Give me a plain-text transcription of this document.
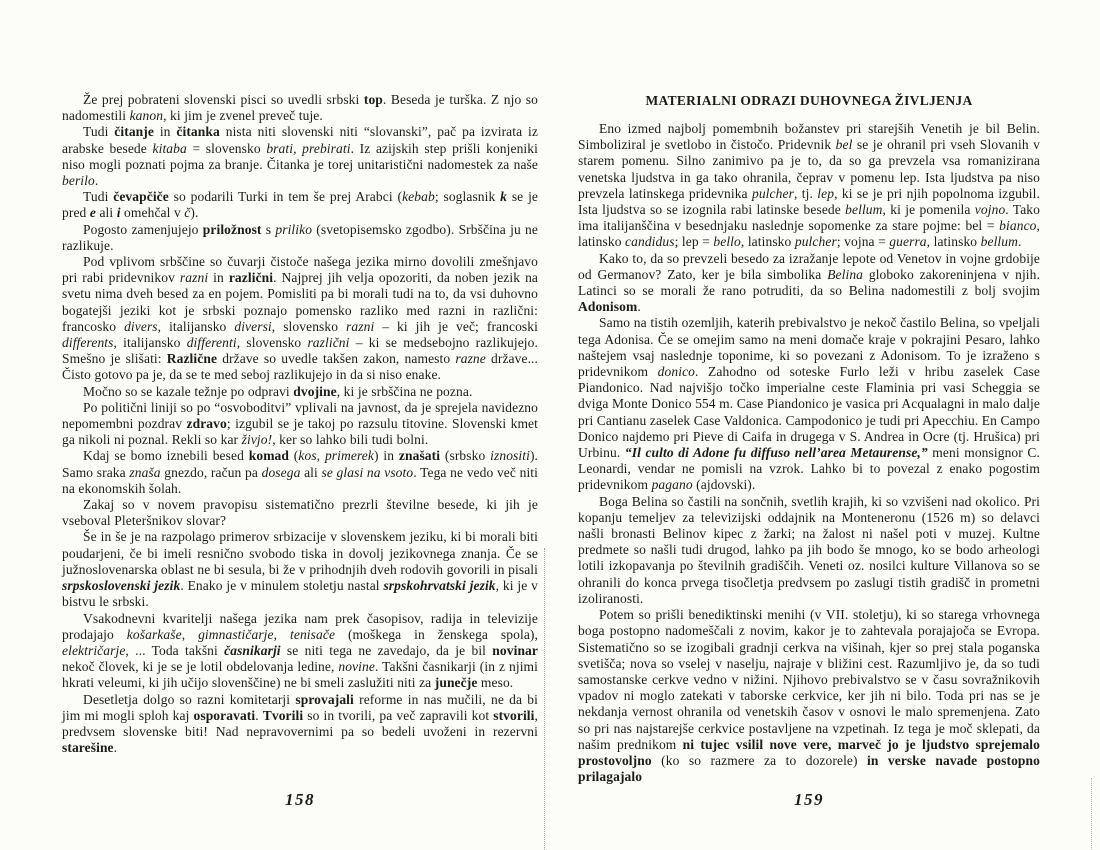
Že prej pobrateni slovenski pisci so uvedli srbski top. Beseda je turška. Z njo so nadomestili kanon, ki jim je zvenel preveč tuje.

Tudi čitanje in čitanka nista niti slovenski niti “slovanski”, pač pa izvirata iz arabske besede kitaba = slovensko brati, prebirati. Iz azijskih step prišli konjeniki niso mogli poznati pojma za branje. Čitanka je torej unitaristični nadomestek za naše berilo.

Tudi čevapčiče so podarili Turki in tem še prej Arabci (kebab; soglasnik k se je pred e ali i omehčal v č).

Pogosto zamenjujejo priložnost s priliko (svetopisemsko zgodbo). Srbščina ju ne razlikuje.

Pod vplivom srbščine so čuvarji čistoče našega jezika mirno dovolili zmešnjavo pri rabi pridevnikov razni in različni. Najprej jih velja opozoriti, da noben jezik na svetu nima dveh besed za en pojem. Pomisliti pa bi morali tudi na to, da vsi duhovno bogatejši jeziki kot je srbski poznajo pomensko razliko med razni in različni: francosko divers, italijansko diversi, slovensko razni – ki jih je več; francoski differents, italijansko differenti, slovensko različni – ki se medsebojno razlikujejo. Smešno je slišati: Različne države so uvedle takšen zakon, namesto razne države... Čisto gotovo pa je, da se te med seboj razlikujejo in da si niso enake.

Močno so se kazale težnje po odpravi dvojine, ki je srbščina ne pozna.

Po politični liniji so po “osvoboditvi” vplivali na javnost, da je sprejela navidezno nepomembni pozdrav zdravo; izgubil se je takoj po razsulu titovine. Slovenski kmet ga nikoli ni poznal. Rekli so kar živjo!, ker so lahko bili tudi bolni.

Kdaj se bomo iznebili besed komad (kos, primerek) in znašati (srbsko iznositi). Samo sraka znaša gnezdo, račun pa dosega ali se glasi na vsoto. Tega ne vedo več niti na ekonomskih šolah.

Zakaj so v novem pravopisu sistematično prezrli številne besede, ki jih je vseboval Pleteršnikov slovar?

Še in še je na razpolago primerov srbizacije v slovenskem jeziku, ki bi morali biti poudarjeni, če bi imeli resnično svobodo tiska in dovolj jezikovnega znanja. Če se južnoslovenarska oblast ne bi sesula, bi že v prihodnjih dveh rodovih govorili in pisali srpskoslovenski jezik. Enako je v minulem stoletju nastal srpskohrvatski jezik, ki je v bistvu le srbski.

Vsakodnevni kvaritelji našega jezika nam prek časopisov, radija in televizije prodajajo košarkaše, gimnastičarje, tenisače (moškega in ženskega spola), električarje, ... Toda takšni časnikarji se niti tega ne zavedajo, da je bil novinar nekoč človek, ki je se je lotil obdelovanja ledine, novine. Takšni časnikarji (in z njimi hkrati veleumi, ki jih učijo slovenščine) ne bi smeli zaslužiti niti za junečje meso.

Desetletja dolgo so razni komitetarji sprovajali reforme in nas mučili, ne da bi jim mi mogli sploh kaj osporavati. Tvorili so in tvorili, pa več zapravili kot stvorili, predvsem slovenske biti! Nad nepravovernimi pa so bedeli uvoženi in rezervni starešine.

158
MATERIALNI ODRAZI DUHOVNEGA ŽIVLJENJA

Eno izmed najbolj pomembnih božanstev pri starejših Venetih je bil Belin. Simboliziral je svetlobo in čistočo. Pridevnik bel se je ohranil pri vseh Slovanih v starem pomenu. Silno zanimivo pa je to, da so ga prevzela vsa romanizirana venetska ljudstva in ga tako ohranila, čeprav v pomenu lep. Ista ljudstva pa niso prevzela latinskega pridevnika pulcher, tj. lep, ki se je pri njih popolnoma izgubil. Ista ljudstva so se izognila rabi latinske besede bellum, ki je pomenila vojno. Tako ima italijanščina v besednjaku naslednje sopomenke za stare pojme: bel = bianco, latinsko candidus; lep = bello, latinsko pulcher; vojna = guerra, latinsko bellum.

Kako to, da so prevzeli besedo za izražanje lepote od Venetov in vojne grdobije od Germanov? Zato, ker je bila simbolika Belina globoko zakoreninjena v njih. Latinci so se morali že rano potruditi, da so Belina nadomestili z bolj svojim Adonisom.

Samo na tistih ozemljih, katerih prebivalstvo je nekoč častilo Belina, so vpeljali tega Adonisa. Če se omejim samo na meni domače kraje v pokrajini Pesaro, lahko naštejem vsaj naslednje toponime, ki so povezani z Adonisom. To je izraženo s pridevnikom donico. Zahodno od soteske Furlo leži v hribu zaselek Case Piandonico. Nad najvišjo točko imperialne ceste Flaminia pri vasi Scheggia se dviga Monte Donico 554 m. Case Piandonico je vasica pri Acqualagni in malo dalje pri Cantianu zaselek Case Valdonica. Campodonico je tudi pri Apecchiu. En Campo Donico najdemo pri Pieve di Caifa in drugega v S. Andrea in Ocre (tj. Hrušica) pri Urbinu. “Il culto di Adone fu diffuso nell’area Metaurense,” meni monsignor C. Leonardi, vendar ne pomisli na vzrok. Lahko bi to povezal z enako pogostim pridevnikom pagano (ajdovski).

Boga Belina so častili na sončnih, svetlih krajih, ki so vzvišeni nad okolico. Pri kopanju temeljev za televizijski oddajnik na Monteneronu (1526 m) so delavci našli bronasti Belinov kipec z žarki; na žalost ni našel poti v muzej. Kultne predmete so našli tudi drugod, lahko pa jih bodo še mnogo, ko se bodo arheologi lotili izkopavanja po številnih gradiščih. Veneti oz. nosilci kulture Villanova so se ohranili do konca prvega tisočletja predvsem po zaslugi tistih gradišč in prometni izoliranosti.

Potem so prišli benediktinski menihi (v VII. stoletju), ki so starega vrhovnega boga postopno nadomeščali z novim, kakor je to zahtevala porajajoča se Evropa. Sistematično so se izogibali gradnji cerkva na višinah, kjer so prej stala poganska svetišča; nova so vselej v naselju, najraje v bližini cest. Razumljivo je, da so tudi samostanske cerkve vedno v nižini. Njihovo prebivalstvo se v času sovražnikovih vpadov ni moglo zatekati v taborske cerkvice, ker jih ni bilo. Toda pri nas se je nekdanja vernost ohranila od venetskih časov v osnovi le malo spremenjena. Zato so pri nas najstarejše cerkvice postavljene na vzpetinah. Iz tega je moč sklepati, da našim prednikom ni tujec vsilil nove vere, marveč jo je ljudstvo sprejemalo prostovoljno (ko so razmere za to dozorele) in verske navade postopno prilagajalo

159
